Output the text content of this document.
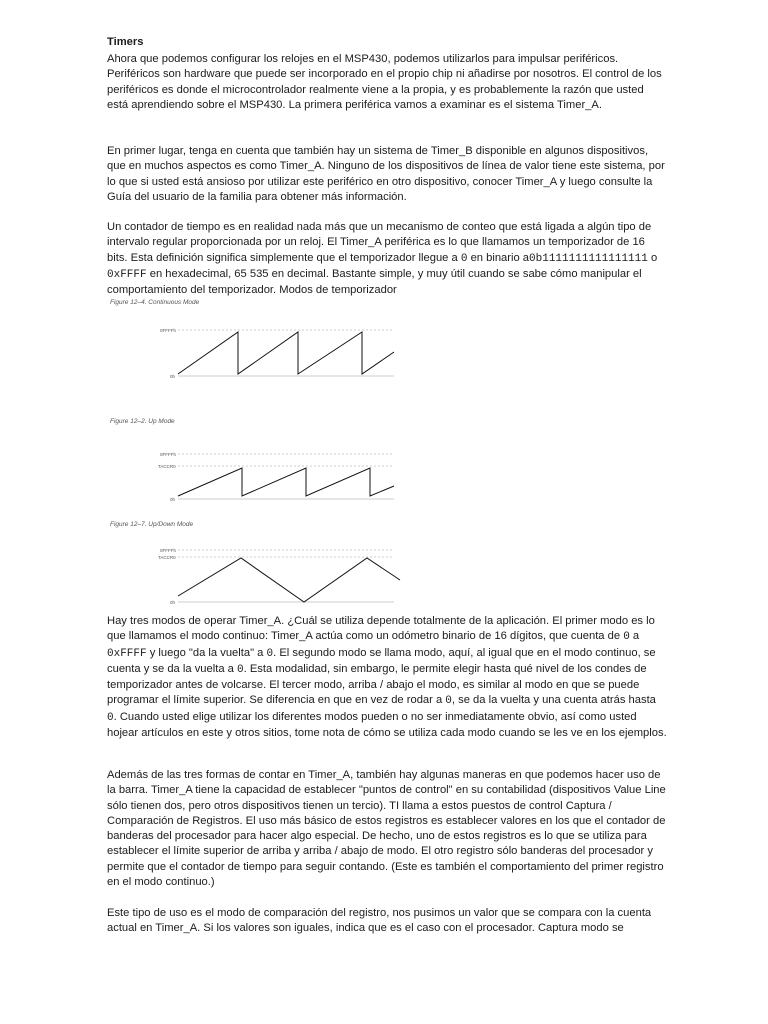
Timers

Ahora que podemos configurar los relojes en el MSP430, podemos utilizarlos para impulsar periféricos. Periféricos son hardware que puede ser incorporado en el propio chip ni añadirse por nosotros. El control de los periféricos es donde el microcontrolador realmente viene a la propia, y es probablemente la razón que usted está aprendiendo sobre el MSP430. La primera periférica vamos a examinar es el sistema Timer_A.

En primer lugar, tenga en cuenta que también hay un sistema de Timer_B disponible en algunos dispositivos, que en muchos aspectos es como Timer_A. Ninguno de los dispositivos de línea de valor tiene este sistema, por lo que si usted está ansioso por utilizar este periférico en otro dispositivo, conocer Timer_A y luego consulte la Guía del usuario de la familia para obtener más información.

Un contador de tiempo es en realidad nada más que un mecanismo de conteo que está ligada a algún tipo de intervalo regular proporcionada por un reloj. El Timer_A periférica es lo que llamamos un temporizador de 16 bits. Esta definición significa simplemente que el temporizador llegue a 0 en binario a0b1111111111111111 o 0xFFFF en hexadecimal, 65 535 en decimal. Bastante simple, y muy útil cuando se sabe cómo manipular el comportamiento del temporizador. Modos de temporizador

Figure 12–4. Continuous Mode
0FFFFh
0h
Figure 12–2. Up Mode
0FFFFh
TACCR0
0h
Figure 12–7. Up/Down Mode
0FFFFh
TACCR0
0h

Hay tres modos de operar Timer_A. ¿Cuál se utiliza depende totalmente de la aplicación. El primer modo es lo que llamamos el modo continuo: Timer_A actúa como un odómetro binario de 16 dígitos, que cuenta de 0 a 0xFFFF y luego "da la vuelta" a 0. El segundo modo se llama modo, aquí, al igual que en el modo continuo, se cuenta y se da la vuelta a 0. Esta modalidad, sin embargo, le permite elegir hasta qué nivel de los condes de temporizador antes de volcarse. El tercer modo, arriba / abajo el modo, es similar al modo en que se puede programar el límite superior. Se diferencia en que en vez de rodar a 0, se da la vuelta y una cuenta atrás hasta 0. Cuando usted elige utilizar los diferentes modos pueden o no ser inmediatamente obvio, así como usted hojear artículos en este y otros sitios, tome nota de cómo se utiliza cada modo cuando se les ve en los ejemplos.

Además de las tres formas de contar en Timer_A, también hay algunas maneras en que podemos hacer uso de la barra. Timer_A tiene la capacidad de establecer "puntos de control" en su contabilidad (dispositivos Value Line sólo tienen dos, pero otros dispositivos tienen un tercio). TI llama a estos puestos de control Captura / Comparación de Registros. El uso más básico de estos registros es establecer valores en los que el contador de banderas del procesador para hacer algo especial. De hecho, uno de estos registros es lo que se utiliza para establecer el límite superior de arriba y arriba / abajo de modo. El otro registro sólo banderas del procesador y permite que el contador de tiempo para seguir contando. (Este es también el comportamiento del primer registro en el modo continuo.)

Este tipo de uso es el modo de comparación del registro, nos pusimos un valor que se compara con la cuenta actual en Timer_A. Si los valores son iguales, indica que es el caso con el procesador. Captura modo se
